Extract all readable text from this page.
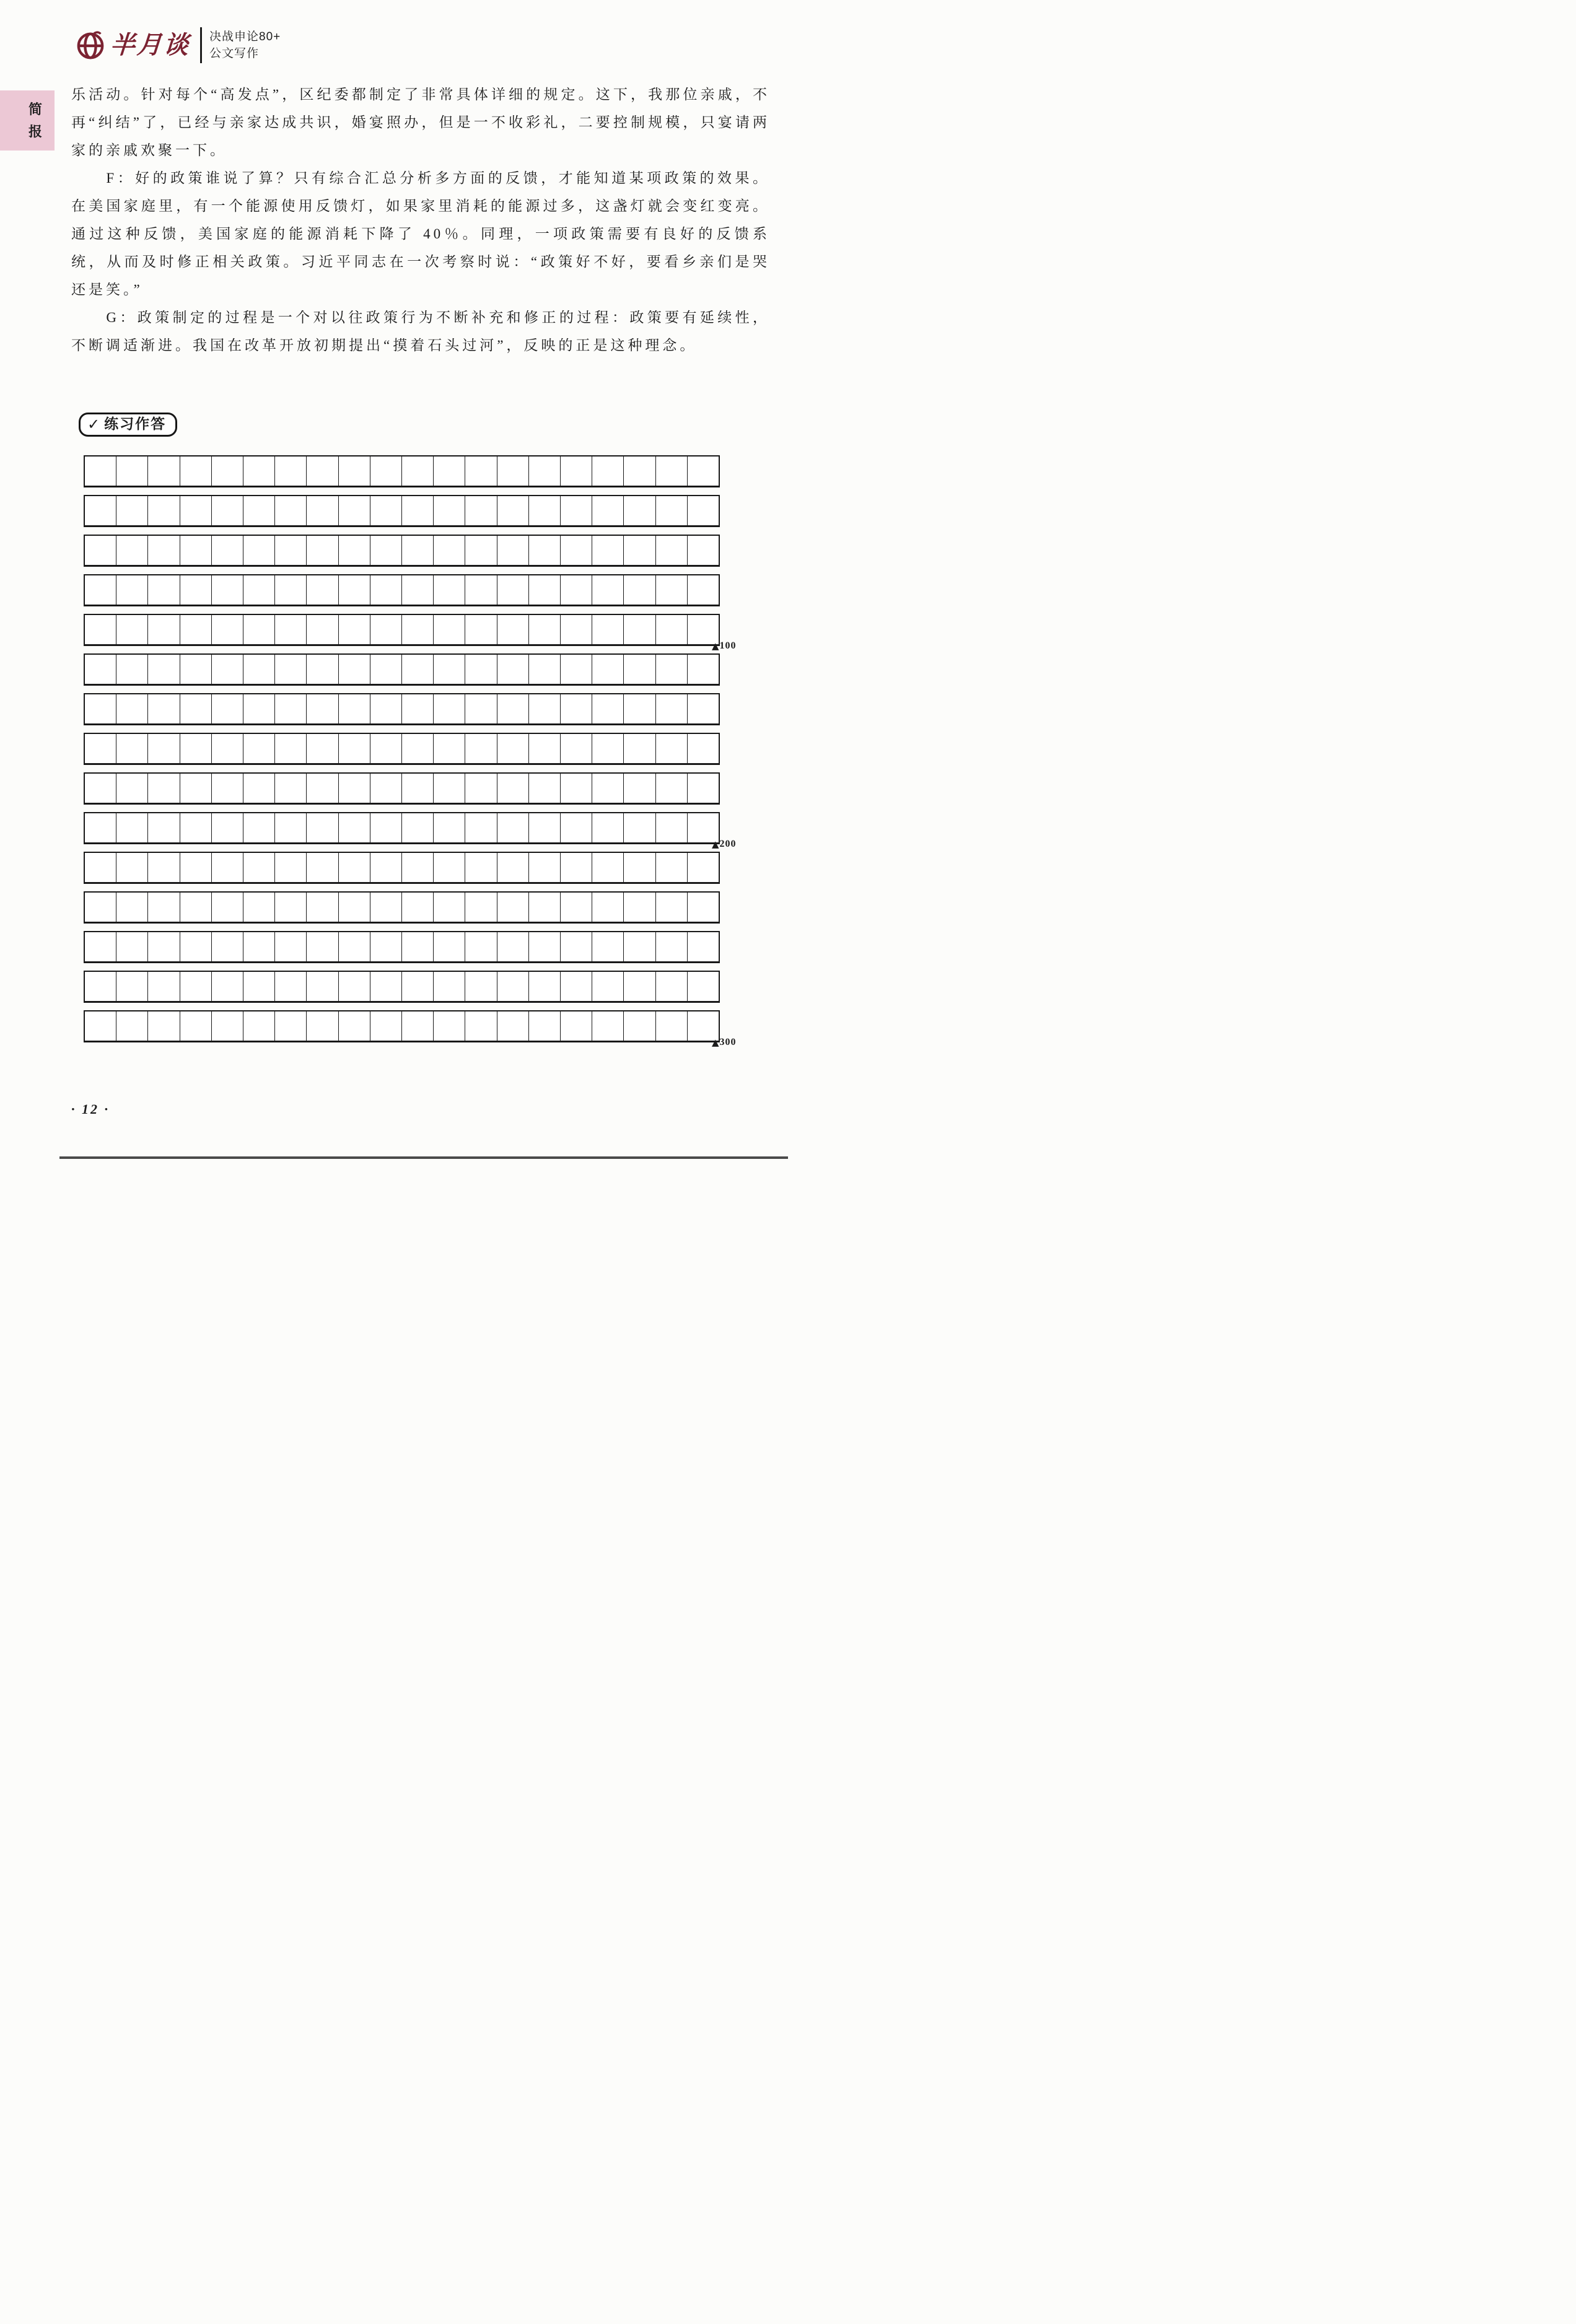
半月谈 决战申论80+
公文写作
简报

乐活动。针对每个“高发点”，区纪委都制定了非常具体详细的规定。这下，我那位亲戚，不再“纠结”了，已经与亲家达成共识，婚宴照办，但是一不收彩礼，二要控制规模，只宴请两家的亲戚欢聚一下。

F：好的政策谁说了算？只有综合汇总分析多方面的反馈，才能知道某项政策的效果。在美国家庭里，有一个能源使用反馈灯，如果家里消耗的能源过多，这盏灯就会变红变亮。通过这种反馈，美国家庭的能源消耗下降了 40％。同理，一项政策需要有良好的反馈系统，从而及时修正相关政策。习近平同志在一次考察时说：“政策好不好，要看乡亲们是哭还是笑。”

G：政策制定的过程是一个对以往政策行为不断补充和修正的过程：政策要有延续性，不断调适渐进。我国在改革开放初期提出“摸着石头过河”，反映的正是这种理念。

✓
练习作答
▲ 100
▲ 200
▲ 300
· 12 ·
